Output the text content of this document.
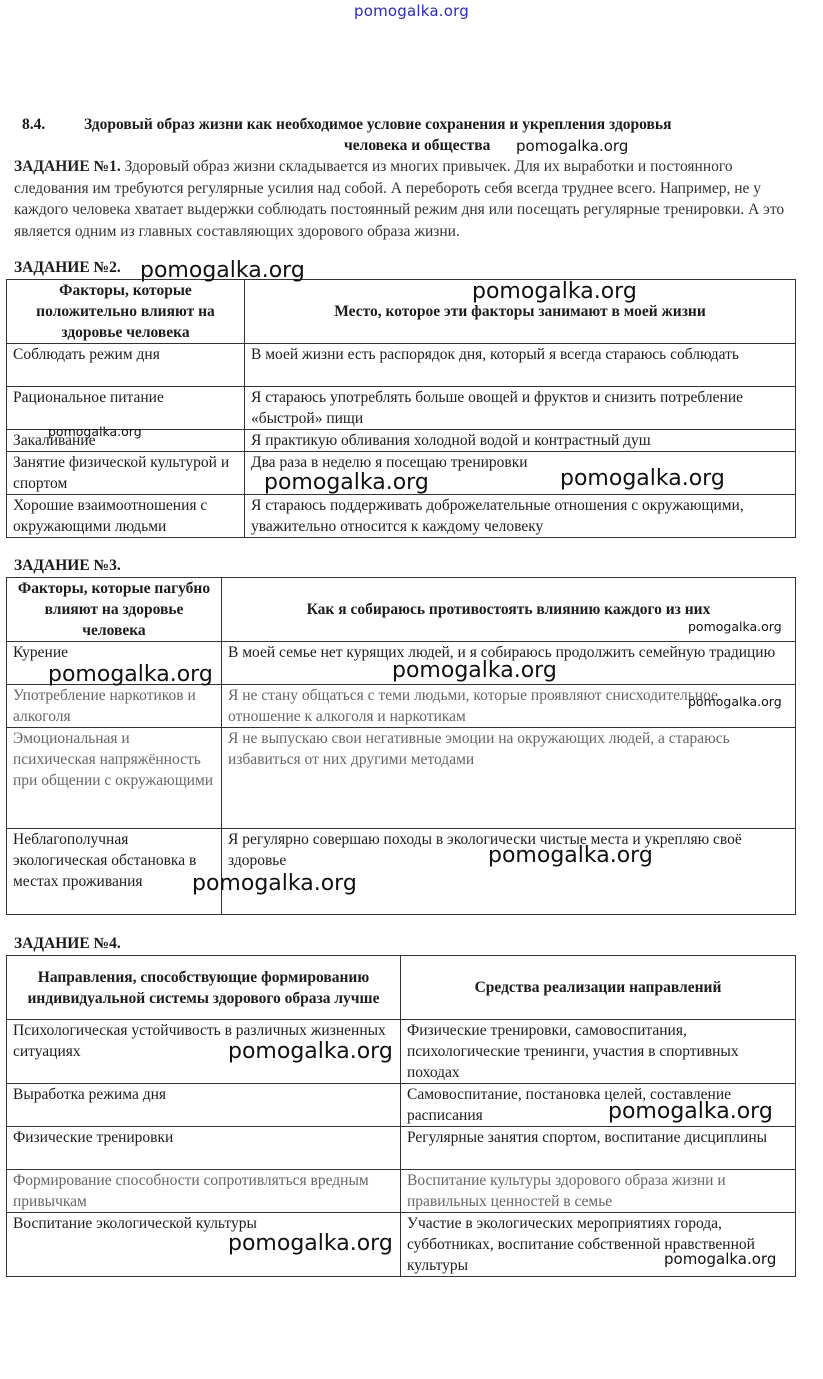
pomogalka.org
8.4.	Здоровый образ жизни как необходимое условие сохранения и укрепления здоровья
человека и общества
ЗАДАНИЕ №1. Здоровый образ жизни складывается из многих привычек. Для их выработки и постоянного следования им требуются регулярные усилия над собой. А перебороть себя всегда труднее всего. Например, не у каждого человека хватает выдержки соблюдать постоянный режим дня или посещать регулярные тренировки. А это является одним из главных составляющих здорового образа жизни.
ЗАДАНИЕ №2.
Факторы, которые положительно влияют на здоровье человека	Место, которое эти факторы занимают в моей жизни
Соблюдать режим дня	В моей жизни есть распорядок дня, который я всегда стараюсь соблюдать
Рациональное питание	Я стараюсь употреблять больше овощей и фруктов и снизить потребление «быстрой» пищи
Закаливание	Я практикую обливания холодной водой и контрастный душ
Занятие физической культурой и спортом	Два раза в неделю я посещаю тренировки
Хорошие взаимоотношения с окружающими людьми	Я стараюсь поддерживать доброжелательные отношения с окружающими, уважительно относится к каждому человеку
ЗАДАНИЕ №3.
Факторы, которые пагубно влияют на здоровье человека	Как я собираюсь противостоять влиянию каждого из них
Курение	В моей семье нет курящих людей, и я собираюсь продолжить семейную традицию
Употребление наркотиков и алкоголя	Я не стану общаться с теми людьми, которые проявляют снисходительное отношение к алкоголя и наркотикам
Эмоциональная и психическая напряжённость при общении с окружающими	Я не выпускаю свои негативные эмоции на окружающих людей, а стараюсь избавиться от них другими методами
Неблагополучная экологическая обстановка в местах проживания	Я регулярно совершаю походы в экологически чистые места и укрепляю своё здоровье
ЗАДАНИЕ №4.
Направления, способствующие формированию индивидуальной системы здорового образа лучше	Средства реализации направлений
Психологическая устойчивость в различных жизненных ситуациях	Физические тренировки, самовоспитания, психологические тренинги, участия в спортивных походах
Выработка режима дня	Самовоспитание, постановка целей, составление расписания
Физические тренировки	Регулярные занятия спортом, воспитание дисциплины
Формирование способности сопротивляться вредным привычкам	Воспитание культуры здорового образа жизни и правильных ценностей в семье
Воспитание экологической культуры	Участие в экологических мероприятиях города, субботниках, воспитание собственной нравственной культуры
pomogalka.org
pomogalka.org
pomogalka.org
pomogalka.org
pomogalka.org	pomogalka.org
pomogalka.org
pomogalka.org	pomogalka.org
pomogalka.org
pomogalka.org
pomogalka.org
pomogalka.org
pomogalka.org
pomogalka.org
pomogalka.org
